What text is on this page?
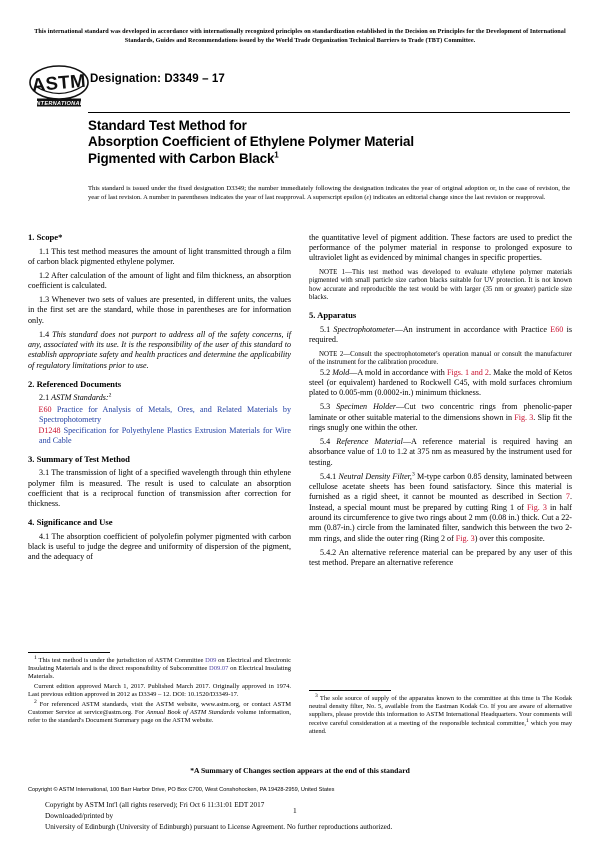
This international standard was developed in accordance with internationally recognized principles on standardization established in the Decision on Principles for the Development of International Standards, Guides and Recommendations issued by the World Trade Organization Technical Barriers to Trade (TBT) Committee.
ASTM
INTERNATIONAL
Designation: D3349 – 17
Standard Test Method for
Absorption Coefficient of Ethylene Polymer Material
Pigmented with Carbon Black$^1$
This standard is issued under the fixed designation D3349; the number immediately following the designation indicates the year of original adoption or, in the case of revision, the year of last revision. A number in parentheses indicates the year of last reapproval. A superscript epsilon (ε) indicates an editorial change since the last revision or reapproval.
1. Scope*

1.1 This test method measures the amount of light transmitted through a film of carbon black pigmented ethylene polymer.

1.2 After calculation of the amount of light and film thickness, an absorption coefficient is calculated.

1.3 Whenever two sets of values are presented, in different units, the values in the first set are the standard, while those in parentheses are for information only.

1.4 This standard does not purport to address all of the safety concerns, if any, associated with its use. It is the responsibility of the user of this standard to establish appropriate safety and health practices and determine the applicability of regulatory limitations prior to use.

2. Referenced Documents

2.1 ASTM Standards:$^2$

E60 Practice for Analysis of Metals, Ores, and Related Materials by Spectrophotometry

D1248 Specification for Polyethylene Plastics Extrusion Materials for Wire and Cable

3. Summary of Test Method

3.1 The transmission of light of a specified wavelength through thin ethylene polymer film is measured. The result is used to calculate an absorption coefficient that is a reciprocal function of transmission after correction for thickness.

4. Significance and Use

4.1 The absorption coefficient of polyolefin polymer pigmented with carbon black is useful to judge the degree and uniformity of dispersion of the pigment, and the adequacy of

the quantitative level of pigment addition. These factors are used to predict the performance of the polymer material in response to prolonged exposure to ultraviolet light as evidenced by minimal changes in specific properties.

NOTE 1—This test method was developed to evaluate ethylene polymer materials pigmented with small particle size carbon blacks suitable for UV protection. It is not known how accurate and reproducible the test would be with larger (35 nm or greater) particle size blacks.

5. Apparatus

5.1 Spectrophotometer—An instrument in accordance with Practice E60 is required.

NOTE 2—Consult the spectrophotometer's operation manual or consult the manufacturer of the instrument for the calibration procedure.

5.2 Mold—A mold in accordance with Figs. 1 and 2. Make the mold of Ketos steel (or equivalent) hardened to Rockwell C45, with mold surfaces chromium plated to 0.005-mm (0.0002-in.) minimum thickness.

5.3 Specimen Holder—Cut two concentric rings from phenolic-paper laminate or other suitable material to the dimensions shown in Fig. 3. Slip fit the rings snugly one within the other.

5.4 Reference Material—A reference material is required having an absorbance value of 1.0 to 1.2 at 375 nm as measured by the instrument used for testing.

5.4.1 Neutral Density Filter,$^3$ M-type carbon 0.85 density, laminated between cellulose acetate sheets has been found satisfactory. Since this material is furnished as a rigid sheet, it cannot be mounted as described in Section 7. Instead, a special mount must be prepared by cutting Ring 1 of Fig. 3 in half around its circumference to give two rings about 2 mm (0.08 in.) thick. Cut a 22-mm (0.87-in.) circle from the laminated filter, sandwich this between the two 2-mm rings, and slide the outer ring (Ring 2 of Fig. 3) over this composite.

5.4.2 An alternative reference material can be prepared by any user of this test method. Prepare an alternative reference

$^1$ This test method is under the jurisdiction of ASTM Committee D09 on Electrical and Electronic Insulating Materials and is the direct responsibility of Subcommittee D09.07 on Electrical Insulating Materials.

Current edition approved March 1, 2017. Published March 2017. Originally approved in 1974. Last previous edition approved in 2012 as D3349 – 12. DOI: 10.1520/D3349-17.

$^2$ For referenced ASTM standards, visit the ASTM website, www.astm.org, or contact ASTM Customer Service at service@astm.org. For Annual Book of ASTM Standards volume information, refer to the standard's Document Summary page on the ASTM website.

$^3$ The sole source of supply of the apparatus known to the committee at this time is The Kodak neutral density filter, No. 5, available from the Eastman Kodak Co. If you are aware of alternative suppliers, please provide this information to ASTM International Headquarters. Your comments will receive careful consideration at a meeting of the responsible technical committee,$^1$ which you may attend.

*A Summary of Changes section appears at the end of this standard
Copyright © ASTM International, 100 Barr Harbor Drive, PO Box C700, West Conshohocken, PA 19428-2959, United States
Copyright by ASTM Int'l (all rights reserved); Fri Oct 6 11:31:01 EDT 2017
Downloaded/printed by
University of Edinburgh (University of Edinburgh) pursuant to License Agreement. No further reproductions authorized.
1
